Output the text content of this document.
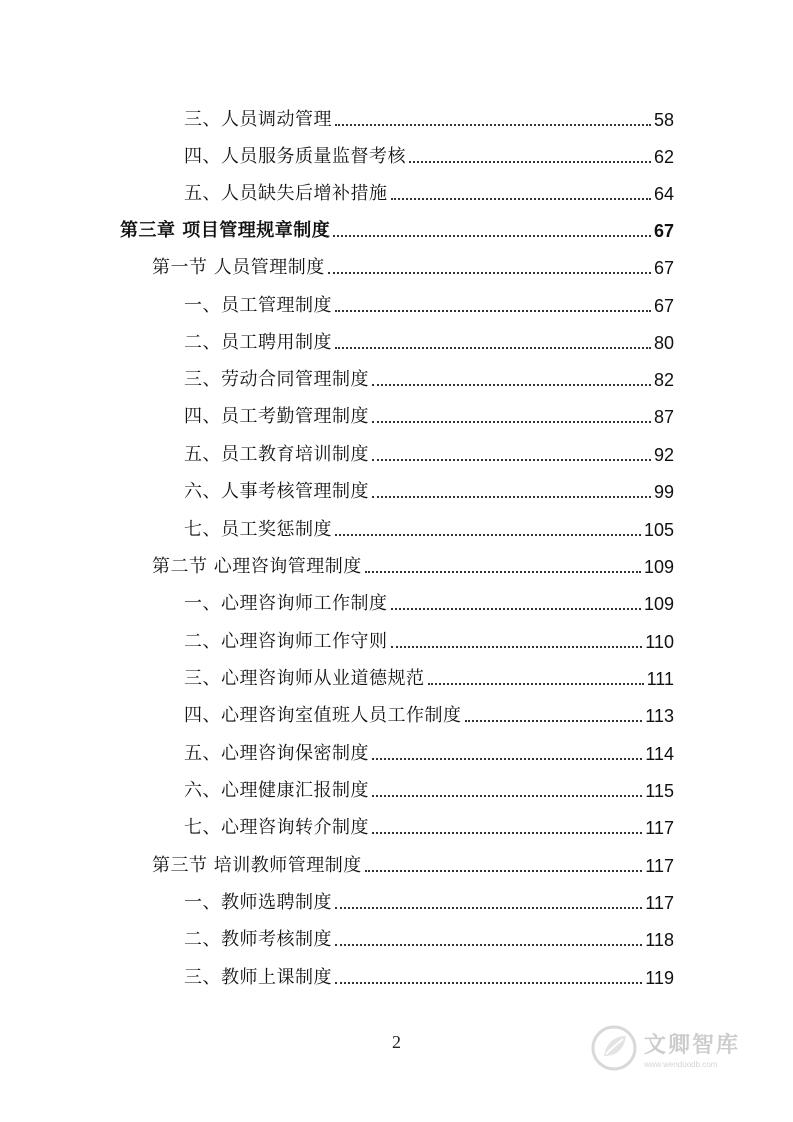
三、人员调动管理	58
四、人员服务质量监督考核	62
五、人员缺失后增补措施	64
第三章 项目管理规章制度	67
第一节 人员管理制度	67
一、员工管理制度	67
二、员工聘用制度	80
三、劳动合同管理制度	82
四、员工考勤管理制度	87
五、员工教育培训制度	92
六、人事考核管理制度	99
七、员工奖惩制度	105
第二节 心理咨询管理制度	109
一、心理咨询师工作制度	109
二、心理咨询师工作守则	110
三、心理咨询师从业道德规范	111
四、心理咨询室值班人员工作制度	113
五、心理咨询保密制度	114
六、心理健康汇报制度	115
七、心理咨询转介制度	117
第三节 培训教师管理制度	117
一、教师选聘制度	117
二、教师考核制度	118
三、教师上课制度	119
2	文卿智库
www.wenduodb.com
